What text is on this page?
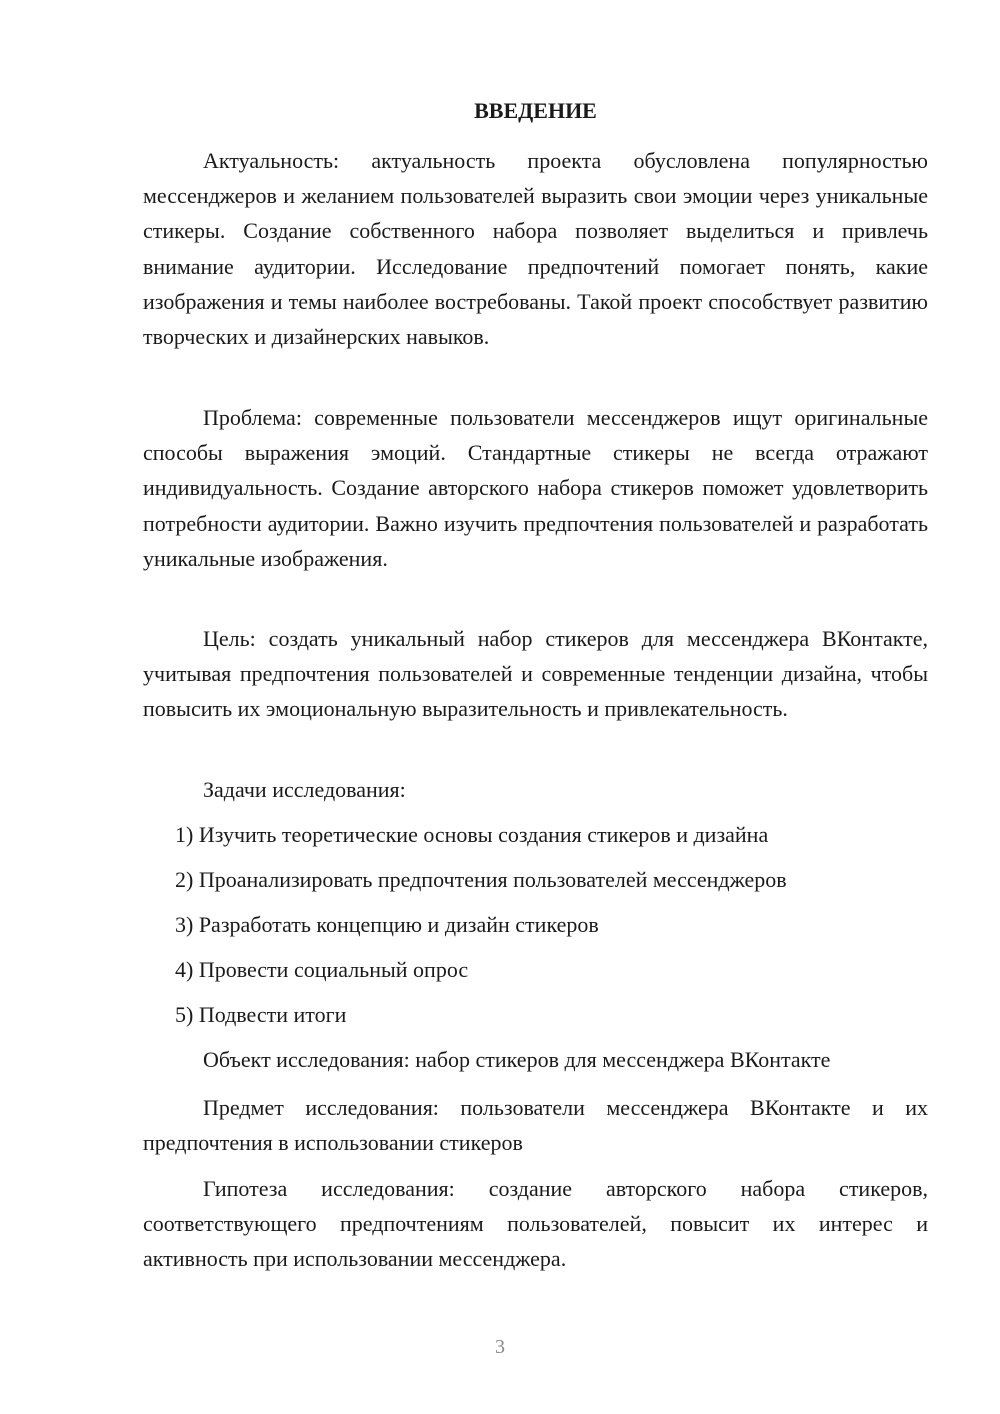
ВВЕДЕНИЕ

Актуальность: актуальность проекта обусловлена популярностью мессенджеров и желанием пользователей выразить свои эмоции через уникальные стикеры. Создание собственного набора позволяет выделиться и привлечь внимание аудитории. Исследование предпочтений помогает понять, какие изображения и темы наиболее востребованы. Такой проект способствует развитию творческих и дизайнерских навыков.

Проблема: современные пользователи мессенджеров ищут оригинальные способы выражения эмоций. Стандартные стикеры не всегда отражают индивидуальность. Создание авторского набора стикеров поможет удовлетворить потребности аудитории. Важно изучить предпочтения пользователей и разработать уникальные изображения.

Цель: создать уникальный набор стикеров для мессенджера ВКонтакте, учитывая предпочтения пользователей и современные тенденции дизайна, чтобы повысить их эмоциональную выразительность и привлекательность.

Задачи исследования:

1) Изучить теоретические основы создания стикеров и дизайна

2) Проанализировать предпочтения пользователей мессенджеров

3) Разработать концепцию и дизайн стикеров

4) Провести социальный опрос

5) Подвести итоги

Объект исследования: набор стикеров для мессенджера ВКонтакте

Предмет исследования: пользователи мессенджера ВКонтакте и их предпочтения в использовании стикеров

Гипотеза исследования: создание авторского набора стикеров, соответствующего предпочтениям пользователей, повысит их интерес и активность при использовании мессенджера.

3
